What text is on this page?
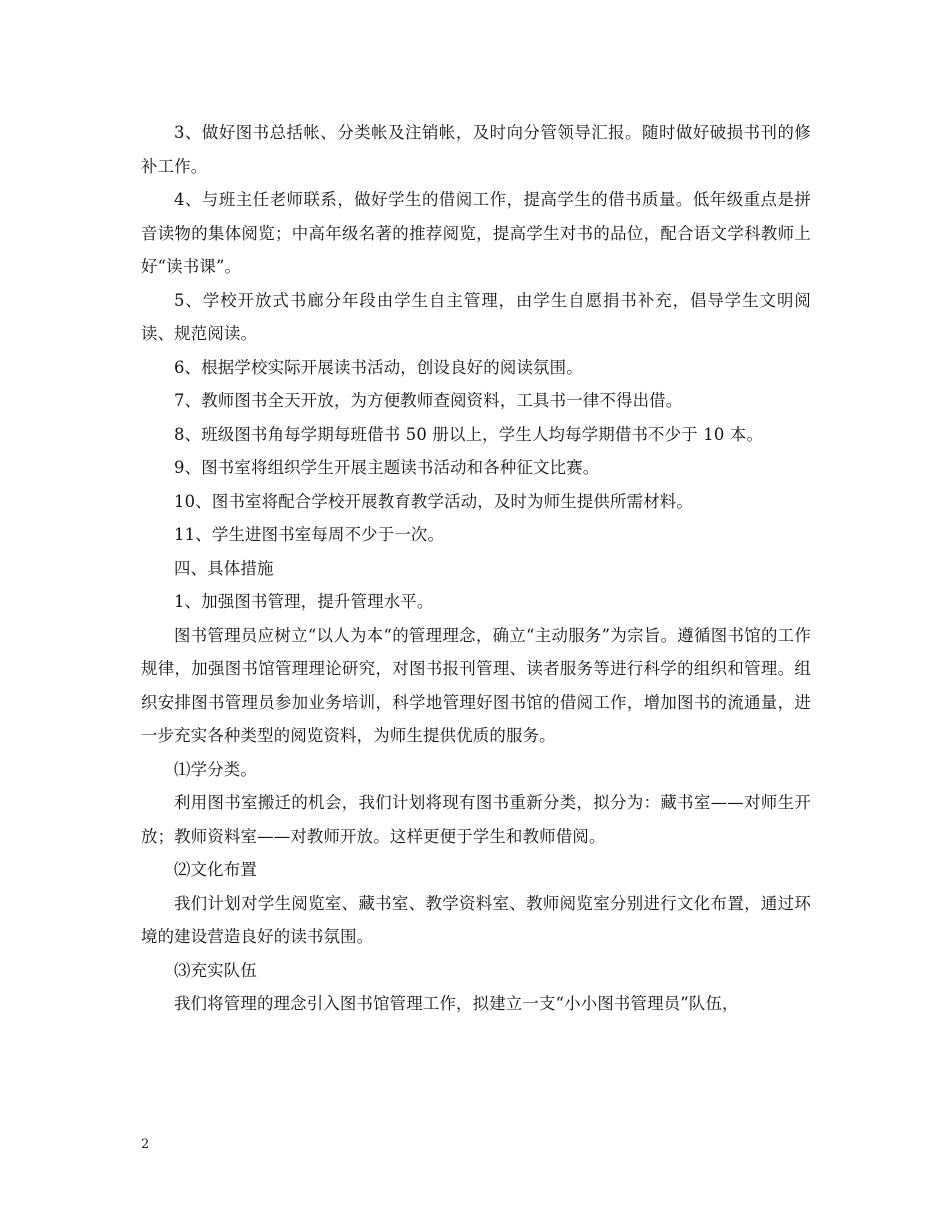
3、做好图书总括帐、分类帐及注销帐，及时向分管领导汇报。随时做好破损书刊的修补工作。

4、与班主任老师联系，做好学生的借阅工作，提高学生的借书质量。低年级重点是拼音读物的集体阅览；中高年级名著的推荐阅览，提高学生对书的品位，配合语文学科教师上好“读书课”。

5、学校开放式书廊分年段由学生自主管理，由学生自愿捐书补充，倡导学生文明阅读、规范阅读。

6、根据学校实际开展读书活动，创设良好的阅读氛围。

7、教师图书全天开放，为方便教师查阅资料，工具书一律不得出借。

8、班级图书角每学期每班借书 50 册以上，学生人均每学期借书不少于 10 本。

9、图书室将组织学生开展主题读书活动和各种征文比赛。

10、图书室将配合学校开展教育教学活动，及时为师生提供所需材料。

11、学生进图书室每周不少于一次。

四、具体措施

1、加强图书管理，提升管理水平。

图书管理员应树立“以人为本“的管理理念，确立“主动服务”为宗旨。遵循图书馆的工作规律，加强图书馆管理理论研究，对图书报刊管理、读者服务等进行科学的组织和管理。组织安排图书管理员参加业务培训，科学地管理好图书馆的借阅工作，增加图书的流通量，进一步充实各种类型的阅览资料，为师生提供优质的服务。

⑴学分类。

利用图书室搬迁的机会，我们计划将现有图书重新分类，拟分为：藏书室——对师生开放；教师资料室——对教师开放。这样更便于学生和教师借阅。

⑵文化布置

我们计划对学生阅览室、藏书室、教学资料室、教师阅览室分别进行文化布置，通过环境的建设营造良好的读书氛围。

⑶充实队伍

我们将管理的理念引入图书馆管理工作，拟建立一支“小小图书管理员”队伍，

2
